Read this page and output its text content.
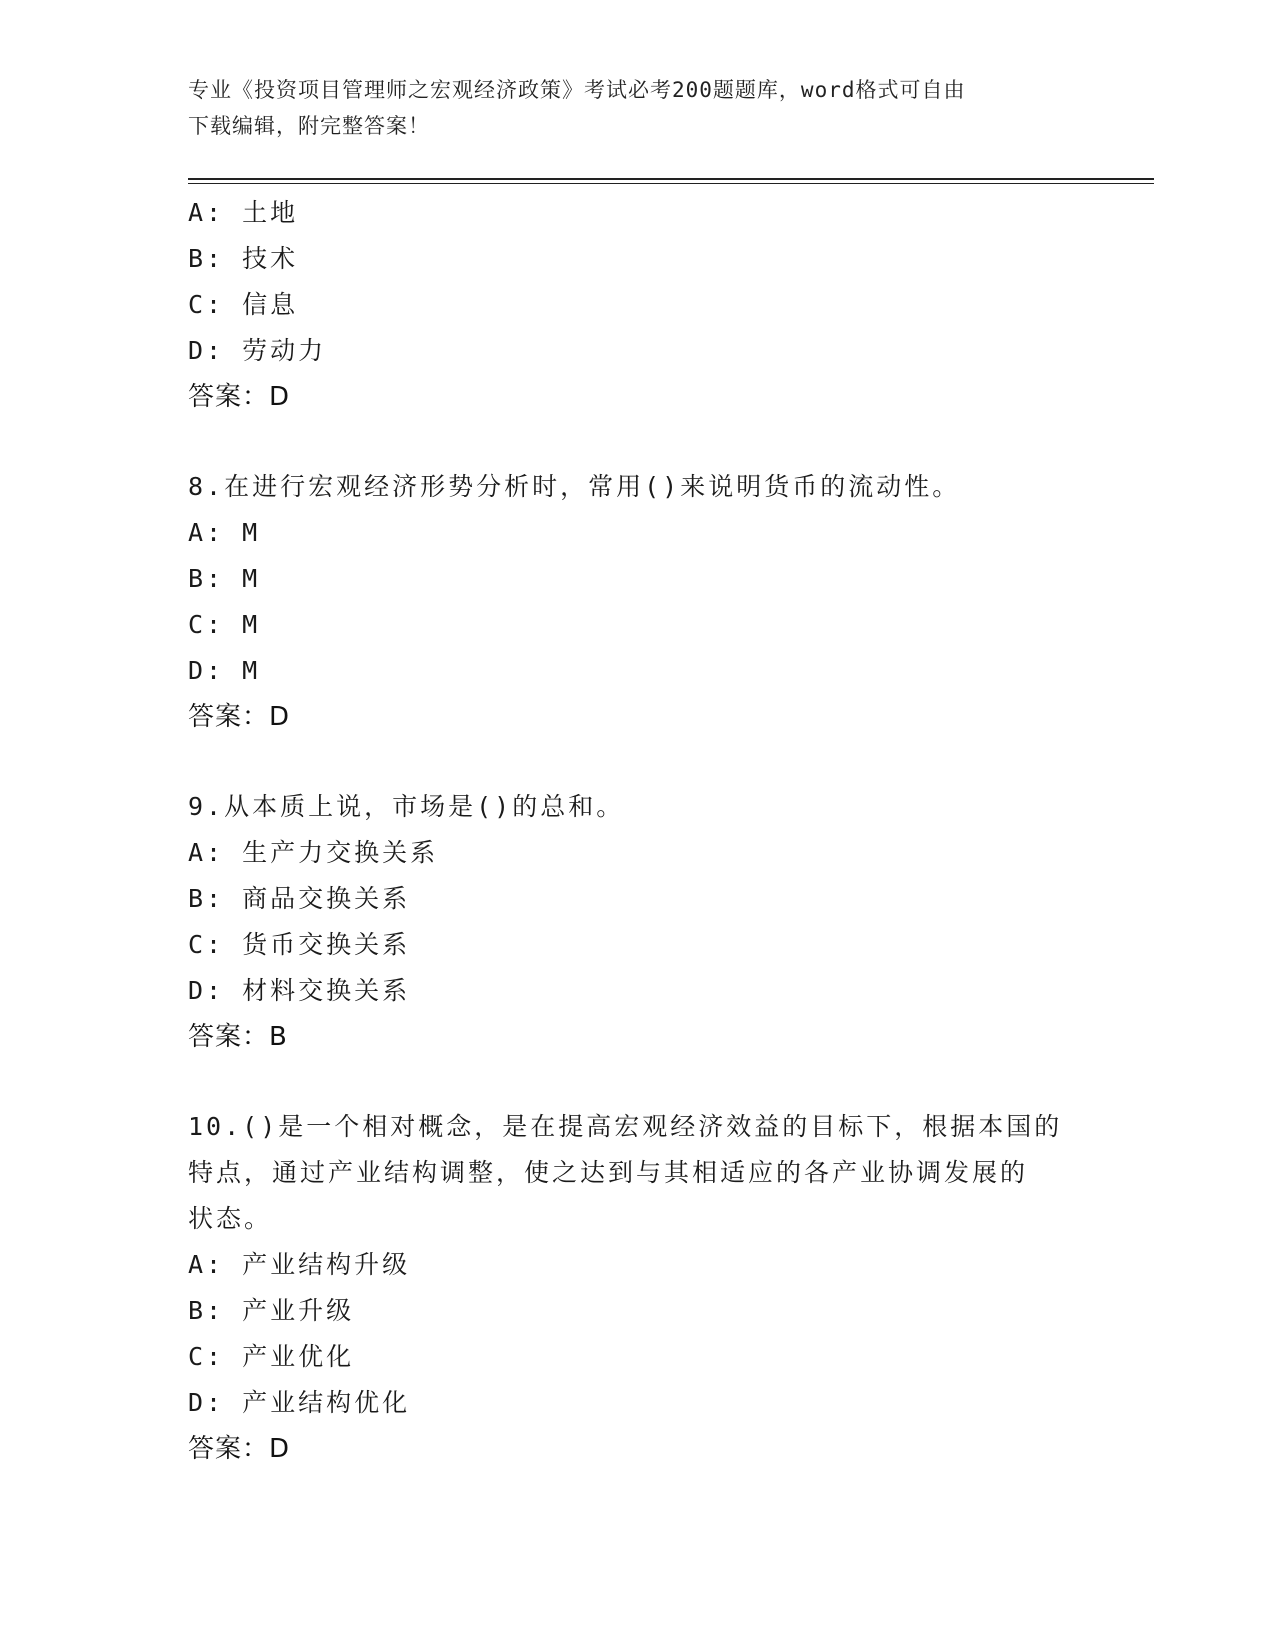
专业《投资项目管理师之宏观经济政策》考试必考200题题库，word格式可自由
下载编辑，附完整答案！
A: 土地
B: 技术
C: 信息
D: 劳动力
答案：D
8.在进行宏观经济形势分析时，常用()来说明货币的流动性。
A: M
B: M
C: M
D: M
答案：D
9.从本质上说，市场是()的总和。
A: 生产力交换关系
B: 商品交换关系
C: 货币交换关系
D: 材料交换关系
答案：B
10.()是一个相对概念，是在提高宏观经济效益的目标下，根据本国的
特点，通过产业结构调整，使之达到与其相适应的各产业协调发展的
状态。
A: 产业结构升级
B: 产业升级
C: 产业优化
D: 产业结构优化
答案：D
